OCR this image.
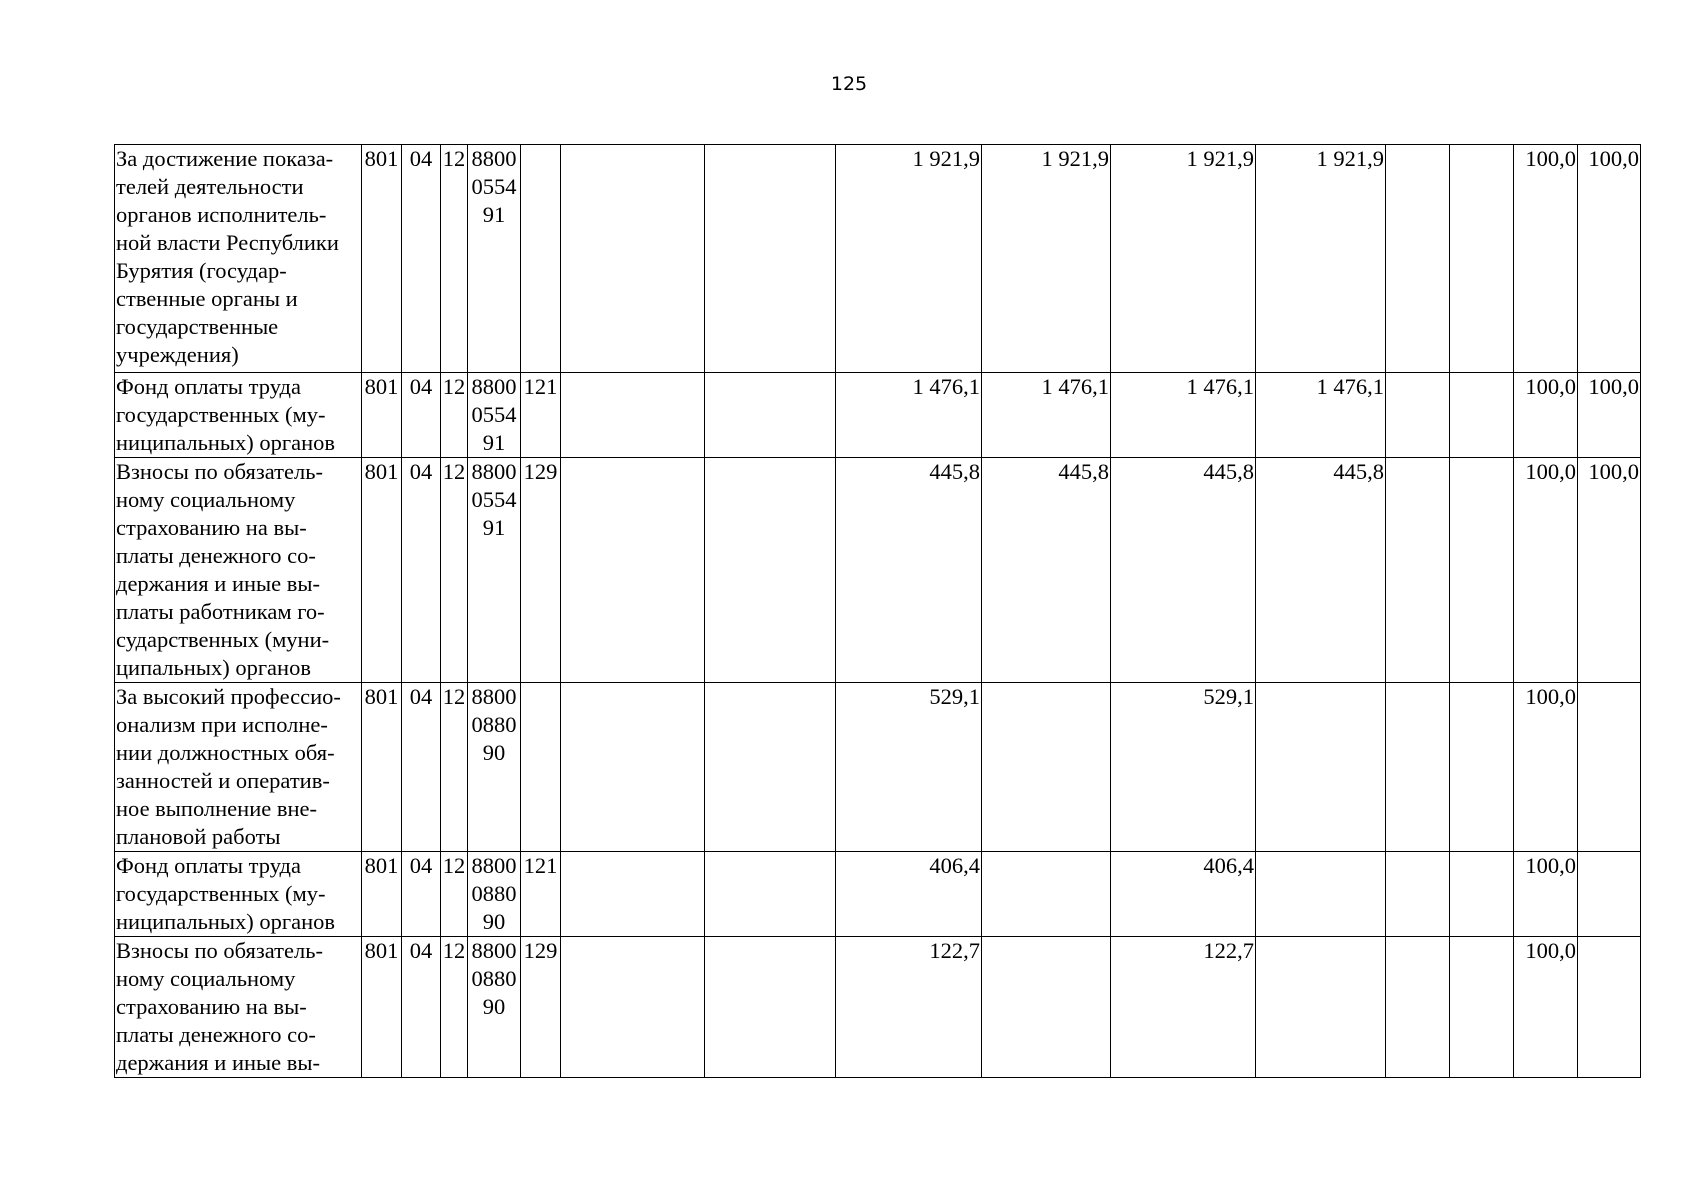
125
За достижение показа-телей деятельности органов исполнитель-ной власти Республики Бурятия (государ-ственные органы и государственные учреждения)	801	04	12	8800055491				1 921,9	1 921,9	1 921,9	1 921,9			100,0	100,0
Фонд оплаты труда государственных (му-ниципальных) органов	801	04	12	8800055491	121			1 476,1	1 476,1	1 476,1	1 476,1			100,0	100,0
Взносы по обязатель-ному социальному страхованию на вы-платы денежного со-держания и иные вы-платы работникам го-сударственных (муни-ципальных) органов	801	04	12	8800055491	129			445,8	445,8	445,8	445,8			100,0	100,0
За высокий профессио-онализм при исполне-нии должностных обя-занностей и оператив-ное выполнение вне-плановой работы	801	04	12	8800088090				529,1		529,1				100,0	
Фонд оплаты труда государственных (му-ниципальных) органов	801	04	12	8800088090	121			406,4		406,4				100,0	
Взносы по обязатель-ному социальному страхованию на вы-платы денежного со-держания и иные вы-	801	04	12	8800088090	129			122,7		122,7				100,0	
